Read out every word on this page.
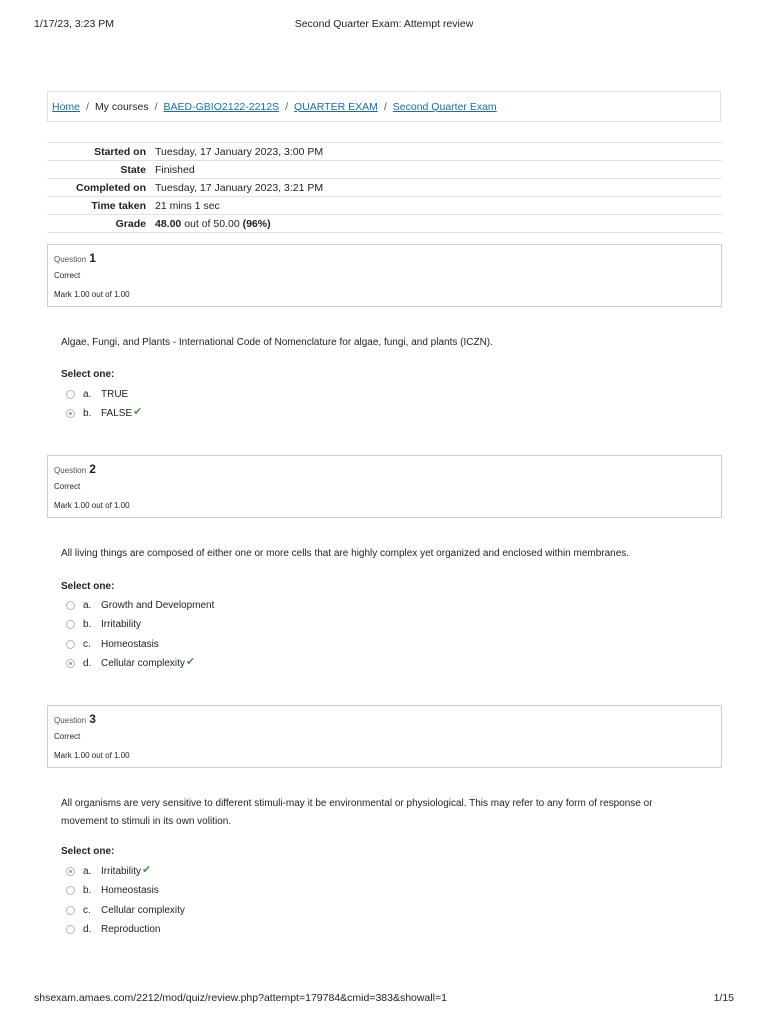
1/17/23, 3:23 PM	Second Quarter Exam: Attempt review
Home / My courses / BAED-GBIO2122-2212S / QUARTER EXAM / Second Quarter Exam
Started on	Tuesday, 17 January 2023, 3:00 PM
State	Finished
Completed on	Tuesday, 17 January 2023, 3:21 PM
Time taken	21 mins 1 sec
Grade	48.00 out of 50.00 (96%)
Question 1
Correct
Mark 1.00 out of 1.00
Algae, Fungi, and Plants - International Code of Nomenclature for algae, fungi, and plants (ICZN).
Select one:
a. TRUE
b. FALSE ✔
Question 2
Correct
Mark 1.00 out of 1.00
All living things are composed of either one or more cells that are highly complex yet organized and enclosed within membranes.
Select one:
a. Growth and Development
b. Irritability
c.	Homeostasis
d. Cellular complexity ✔
Question 3
Correct
Mark 1.00 out of 1.00
All organisms are very sensitive to different stimuli-may it be environmental or physiological. This may refer to any form of response or movement to stimuli in its own volition.
Select one:
a. Irritability ✔
b. Homeostasis
c.	Cellular complexity
d. Reproduction
shsexam.amaes.com/2212/mod/quiz/review.php?attempt=179784&cmid=383&showall=1	1/15
